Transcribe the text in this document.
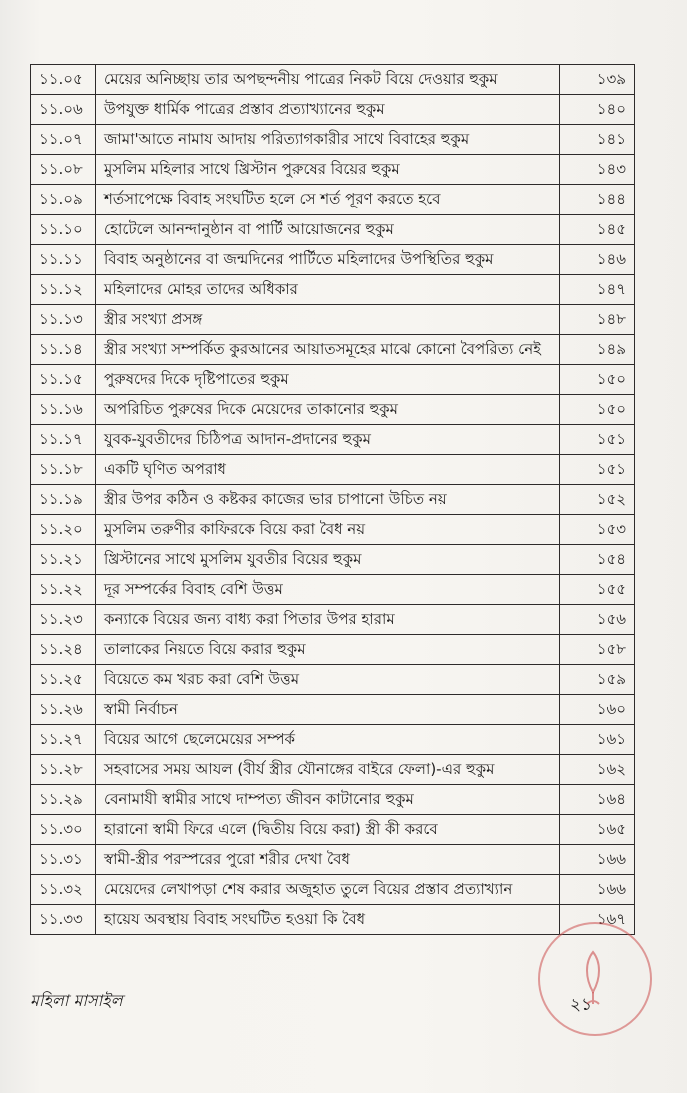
১১.০৫	মেয়ের অনিচ্ছায় তার অপছন্দনীয় পাত্রের নিকট বিয়ে দেওয়ার হুকুম	১৩৯
১১.০৬	উপযুক্ত ধার্মিক পাত্রের প্রস্তাব প্রত্যাখ্যানের হুকুম	১৪০
১১.০৭	জামা'আতে নামায আদায় পরিত্যাগকারীর সাথে বিবাহের হুকুম	১৪১
১১.০৮	মুসলিম মহিলার সাথে খ্রিস্টান পুরুষের বিয়ের হুকুম	১৪৩
১১.০৯	শর্তসাপেক্ষে বিবাহ সংঘটিত হলে সে শর্ত পূরণ করতে হবে	১৪৪
১১.১০	হোটেলে আনন্দানুষ্ঠান বা পার্টি আয়োজনের হুকুম	১৪৫
১১.১১	বিবাহ অনুষ্ঠানের বা জন্মদিনের পার্টিতে মহিলাদের উপস্থিতির হুকুম	১৪৬
১১.১২	মহিলাদের মোহর তাদের অধিকার	১৪৭
১১.১৩	স্ত্রীর সংখ্যা প্রসঙ্গ	১৪৮
১১.১৪	স্ত্রীর সংখ্যা সম্পর্কিত কুরআনের আয়াতসমূহের মাঝে কোনো বৈপরিত্য নেই	১৪৯
১১.১৫	পুরুষদের দিকে দৃষ্টিপাতের হুকুম	১৫০
১১.১৬	অপরিচিত পুরুষের দিকে মেয়েদের তাকানোর হুকুম	১৫০
১১.১৭	যুবক-যুবতীদের চিঠিপত্র আদান-প্রদানের হুকুম	১৫১
১১.১৮	একটি ঘৃণিত অপরাধ	১৫১
১১.১৯	স্ত্রীর উপর কঠিন ও কষ্টকর কাজের ভার চাপানো উচিত নয়	১৫২
১১.২০	মুসলিম তরুণীর কাফিরকে বিয়ে করা বৈধ নয়	১৫৩
১১.২১	খ্রিস্টানের সাথে মুসলিম যুবতীর বিয়ের হুকুম	১৫৪
১১.২২	দূর সম্পর্কের বিবাহ বেশি উত্তম	১৫৫
১১.২৩	কন্যাকে বিয়ের জন্য বাধ্য করা পিতার উপর হারাম	১৫৬
১১.২৪	তালাকের নিয়তে বিয়ে করার হুকুম	১৫৮
১১.২৫	বিয়েতে কম খরচ করা বেশি উত্তম	১৫৯
১১.২৬	স্বামী নির্বাচন	১৬০
১১.২৭	বিয়ের আগে ছেলেমেয়ের সম্পর্ক	১৬১
১১.২৮	সহবাসের সময় আযল (বীর্য স্ত্রীর যৌনাঙ্গের বাইরে ফেলা)-এর হুকুম	১৬২
১১.২৯	বেনামাযী স্বামীর সাথে দাম্পত্য জীবন কাটানোর হুকুম	১৬৪
১১.৩০	হারানো স্বামী ফিরে এলে (দ্বিতীয় বিয়ে করা) স্ত্রী কী করবে	১৬৫
১১.৩১	স্বামী-স্ত্রীর পরস্পরের পুরো শরীর দেখা বৈধ	১৬৬
১১.৩২	মেয়েদের লেখাপড়া শেষ করার অজুহাত তুলে বিয়ের প্রস্তাব প্রত্যাখ্যান	১৬৬
১১.৩৩	হায়েয অবস্থায় বিবাহ সংঘটিত হওয়া কি বৈধ	১৬৭
মহিলা মাসাইল	২১
